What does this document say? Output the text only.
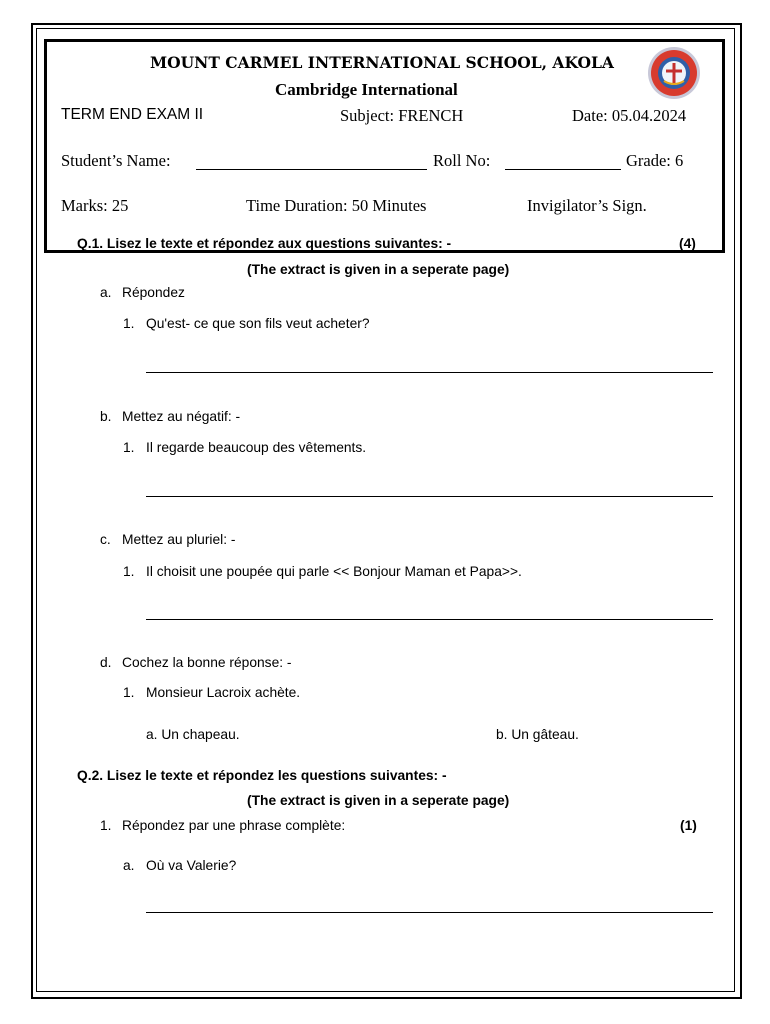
MOUNT CARMEL INTERNATIONAL SCHOOL, AKOLA
Cambridge International
TERM END EXAM II	Subject: FRENCH	Date: 05.04.2024
Student’s Name:	Roll No:	Grade: 6
Marks: 25	Time Duration: 50 Minutes	Invigilator’s Sign.
Q.1. Lisez le texte et répondez aux questions suivantes: -	(4)
(The extract is given in a seperate page)
a. Répondez
1. Qu'est- ce que son fils veut acheter?
b. Mettez au négatif: -
1. Il regarde beaucoup des vêtements.
c. Mettez au pluriel: -
1. Il choisit une poupée qui parle << Bonjour Maman et Papa>>.
d. Cochez la bonne réponse: -
1. Monsieur Lacroix achète.
a. Un chapeau.	b. Un gâteau.
Q.2. Lisez le texte et répondez les questions suivantes: -
(The extract is given in a seperate page)
1. Répondez par une phrase complète:	(1)
a. Où va Valerie?
